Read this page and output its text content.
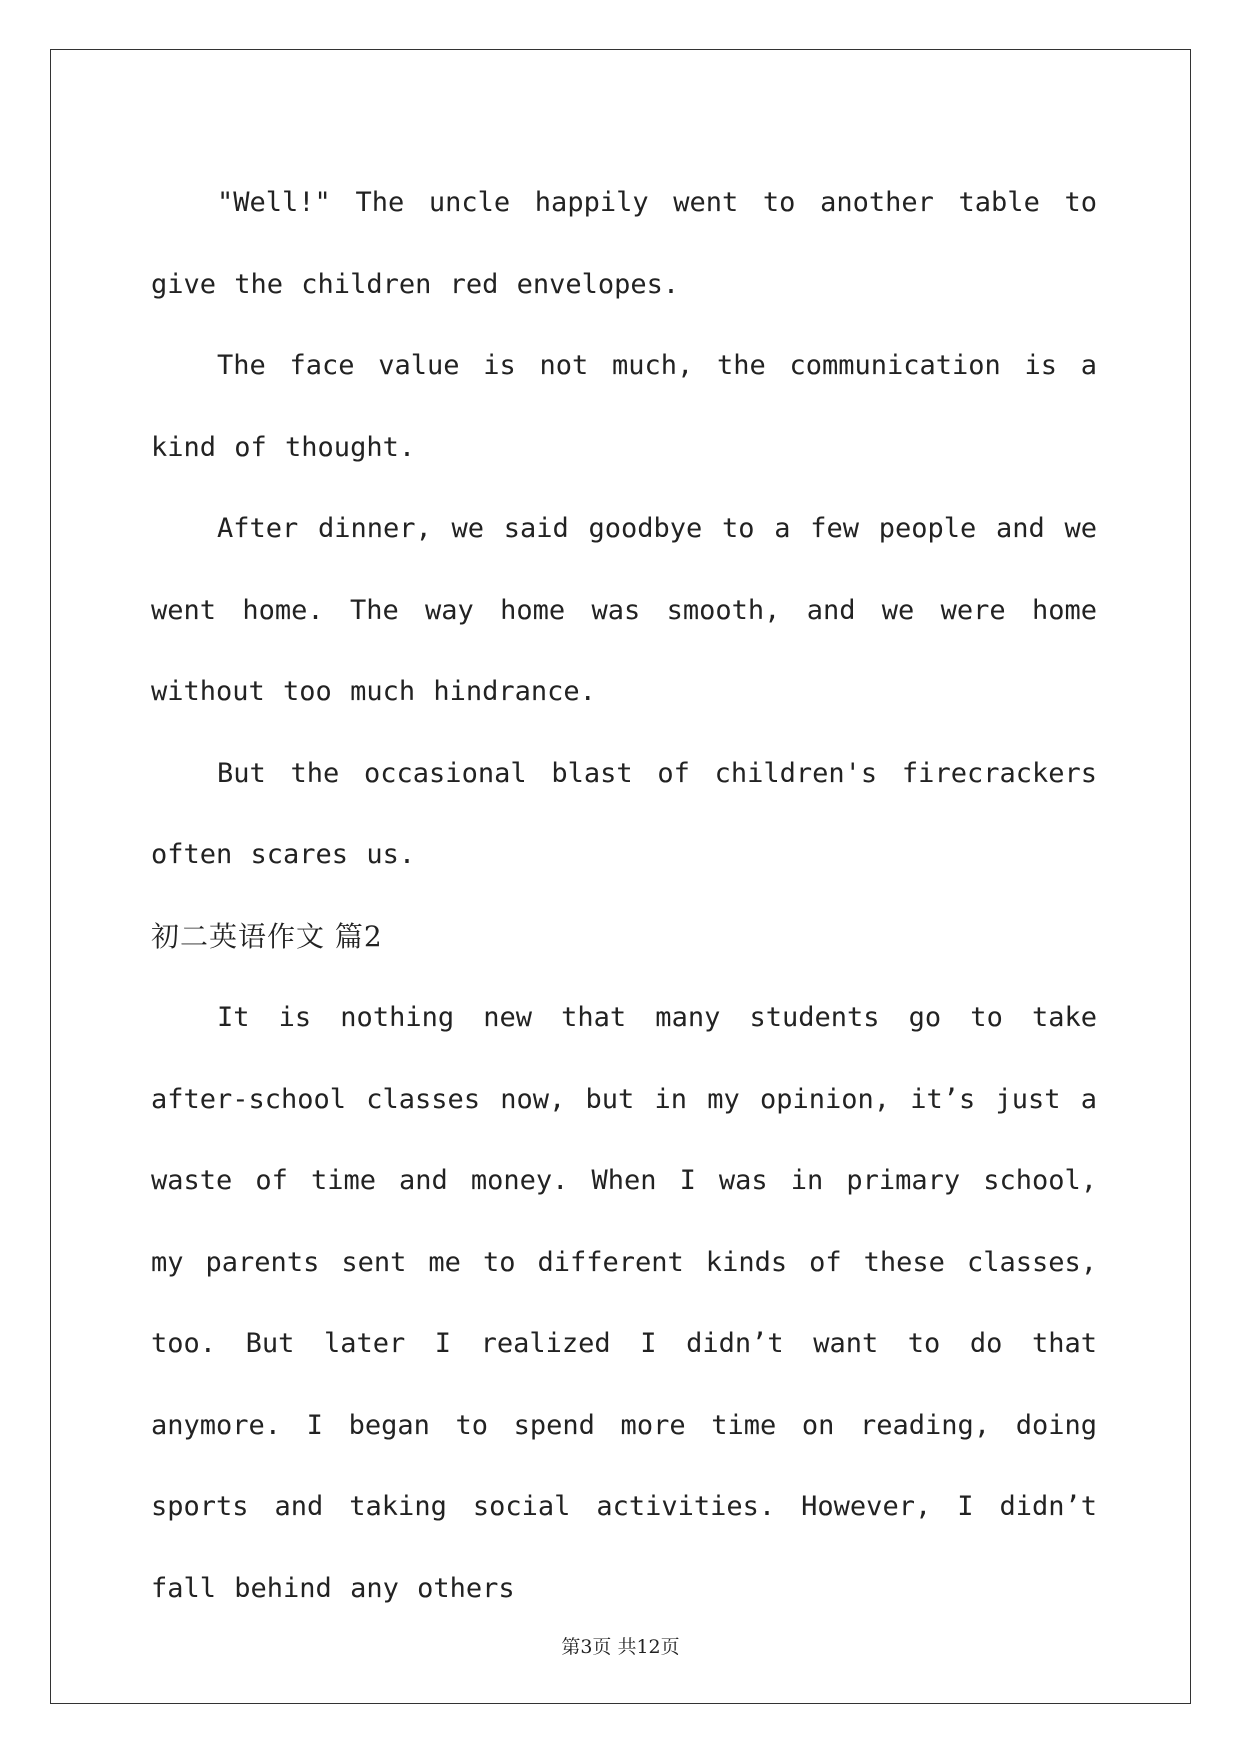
"Well!" The uncle happily went to another table to give the children red envelopes.

The face value is not much, the communication is a kind of thought.

After dinner, we said goodbye to a few people and we went home. The way home was smooth, and we were home without too much hindrance.

But the occasional blast of children's firecrackers often scares us.

初二英语作文 篇2

It is nothing new that many students go to take after-school classes now, but in my opinion, it’s just a waste of time and money. When I was in primary school, my parents sent me to different kinds of these classes, too. But later I realized I didn’t want to do that anymore. I began to spend more time on reading, doing sports and taking social activities. However, I didn’t fall behind any others

第3页 共12页
